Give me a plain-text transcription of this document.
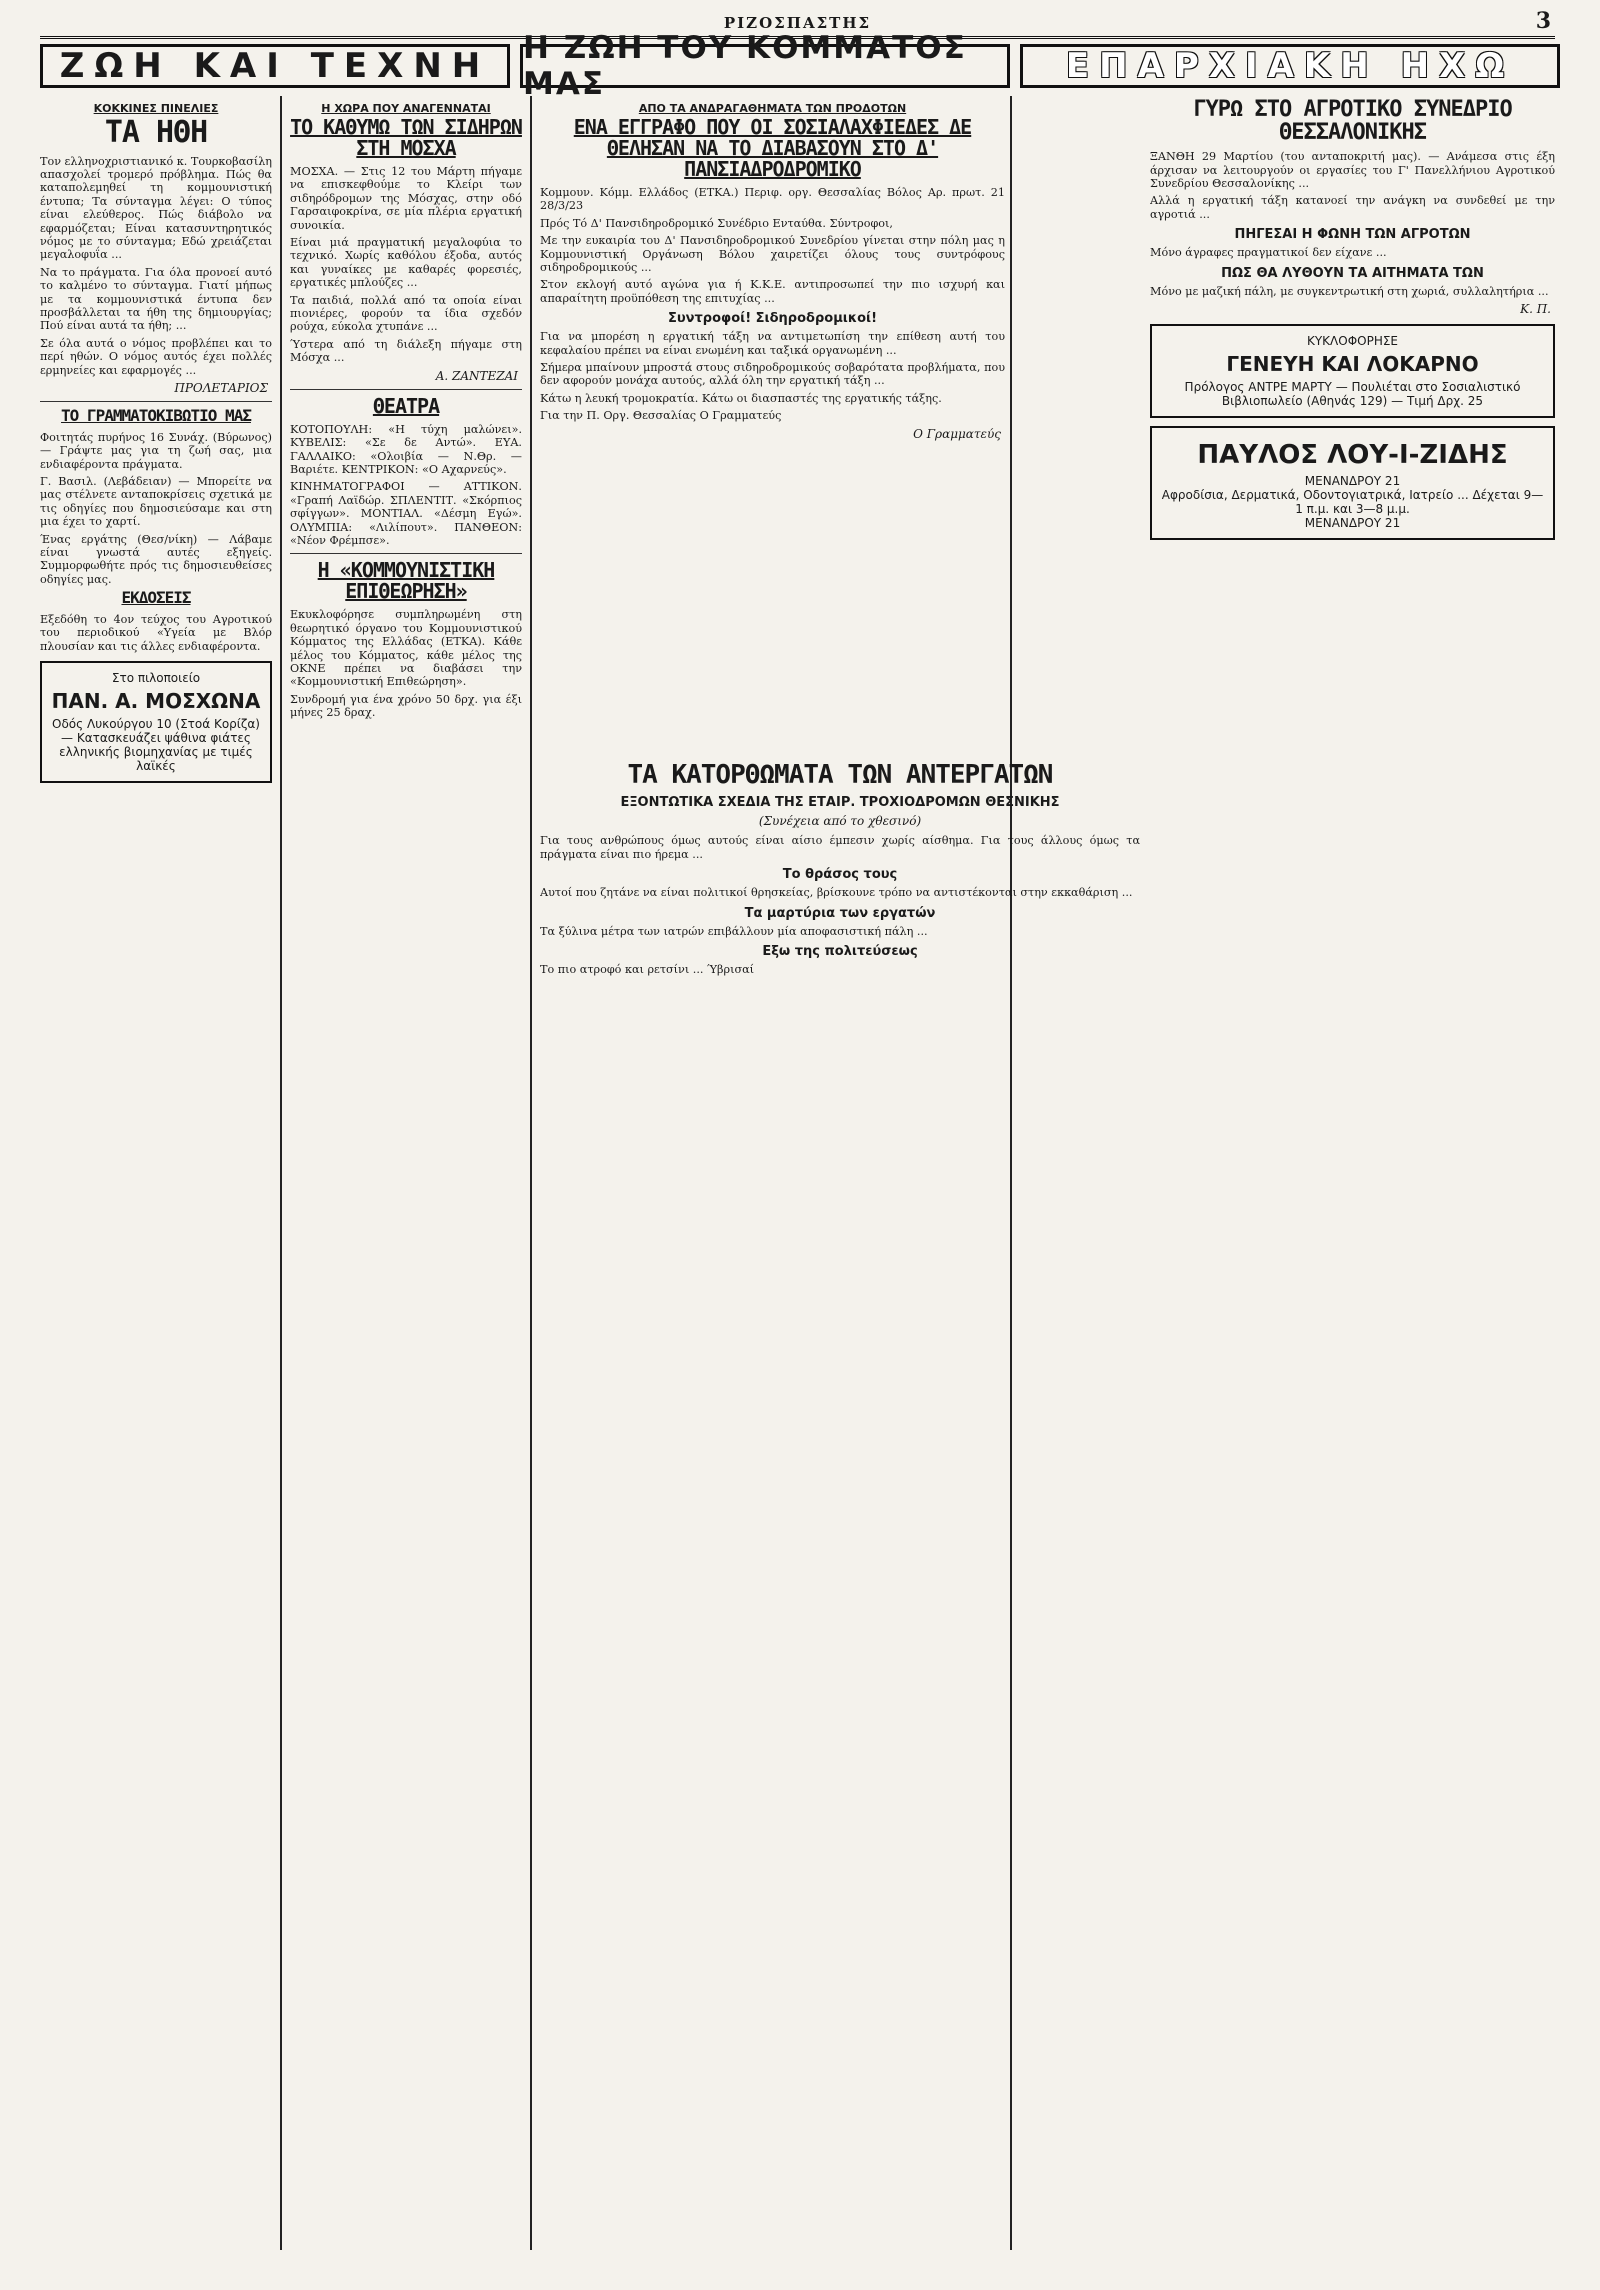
ΡΙΖΟΣΠΑΣΤΗΣ	3
ΖΩΗ ΚΑΙ ΤΕΧΝΗ	Η ΖΩΗ ΤΟΥ ΚΟΜΜΑΤΟΣ ΜΑΣ	ΕΠΑΡΧΙΑΚΗ ΗΧΩ
ΚΟΚΚΙΝΕΣ ΠΙΝΕΛΙΕΣ
ΤΑ ΗΘΗ

Τον ελληνοχριστιανικό κ. Τουρκοβασίλη απασχολεί τρομερό πρόβλημα. Πώς θα καταπολεμηθεί τη κομμουνιστική έντυπα; Τα σύνταγμα λέγει: Ο τύπος είναι ελεύθερος. Πώς διάβολο να εφαρμόζεται; Είναι κατασυντηρητικός νόμος με το σύνταγμα; Εδώ χρειάζεται μεγαλοφυΐα ...

Να το πράγματα. Για όλα προνοεί αυτό το καλμένο το σύνταγμα. Γιατί μήπως με τα κομμουνιστικά έντυπα δεν προσβάλλεται τα ήθη της δημιουργίας; Πού είναι αυτά τα ήθη; ...

Σε όλα αυτά ο νόμος προβλέπει και το περί ηθών. Ο νόμος αυτός έχει πολλές ερμηνείες και εφαρμογές ...

ΠΡΟΛΕΤΑΡΙΟΣ
ΤΟ ΓΡΑΜΜΑΤΟΚΙΒΩΤΙΟ ΜΑΣ

Φοιτητάς πυρήνος 16 Συνάχ. (Βύρωνος) — Γράψτε μας για τη ζωή σας, μια ενδιαφέροντα πράγματα.

Γ. Βασιλ. (Λεβάδειαν) — Μπορείτε να μας στέλνετε ανταποκρίσεις σχετικά με τις οδηγίες που δημοσιεύσαμε και στη μια έχει το χαρτί.

Ένας εργάτης (Θεσ/νίκη) — Λάβαμε είναι γνωστά αυτές εξηγείς. Συμμορφωθήτε πρός τις δημοσιευθείσες οδηγίες μας.

ΕΚΔΟΣΕΙΣ

Εξεδόθη το 4ον τεύχος του Αγροτικού του περιοδικού «Υγεία με Βλόρ πλουσίαν και τις άλλες ενδιαφέροντα.

Στο πιλοποιείο
ΠΑΝ. Α. ΜΟΣΧΩΝΑ
Οδός Λυκούργου 10 (Στοά Κορίζα) — Κατασκευάζει ψάθινα φιάτες ελληνικής βιομηχανίας με τιμές λαϊκές
Η ΧΩΡΑ ΠΟΥ ΑΝΑΓΕΝΝΑΤΑΙ
ΤΟ ΚΑΘΥΜΩ ΤΩΝ ΣΙΔΗΡΩΝ ΣΤΗ ΜΟΣΧΑ

ΜΟΣΧΑ. — Στις 12 του Μάρτη πήγαμε να επισκεφθούμε το Κλείρι των σιδηρόδρομων της Μόσχας, στην οδό Γαρσαιφοκρίνα, σε μία πλέρια εργατική συνοικία.

Είναι μιά πραγματική μεγαλοφύια το τεχνικό. Χωρίς καθόλου έξοδα, αυτός και γυναίκες με καθαρές φορεσιές, εργατικές μπλούζες ...

Τα παιδιά, πολλά από τα οποία είναι πιονιέρες, φορούν τα ίδια σχεδόν ρούχα, εύκολα χτυπάνε ...

Ύστερα από τη διάλεξη πήγαμε στη Μόσχα ...

Α. ΖΑΝΤΕΖΑΙ
ΘΕΑΤΡΑ

ΚΟΤΟΠΟΥΛΗ: «Η τύχη μαλώνει». ΚΥΒΕΛΙΣ: «Σε δε Αντώ». ΕΥΑ. ΓΑΛΛΑΙΚΟ: «Ολοιβία — Ν.Θρ. — Βαριέτε. ΚΕΝΤΡΙΚΟΝ: «Ο Αχαρνεύς».

ΚΙΝΗΜΑΤΟΓΡΑΦΟΙ — ΑΤΤΙΚΟΝ. «Γραπή Λαϊδώρ. ΣΠΛΕΝΤΙΤ. «Σκόρπιος σφίγγων». ΜΟΝΤΙΑΛ. «Δέσμη Εγώ». ΟΛΥΜΠΙΑ: «Λιλίπουτ». ΠΑΝΘΕΟΝ: «Νέον Φρέμπσε».

Η «ΚΟΜΜΟΥΝΙΣΤΙΚΗ ΕΠΙΘΕΩΡΗΣΗ»

Εκυκλοφόρησε συμπληρωμένη στη θεωρητικό όργανο του Κομμουνιστικού Κόμματος της Ελλάδας (ΕΤΚΑ). Κάθε μέλος του Κόμματος, κάθε μέλος της ΟΚΝΕ πρέπει να διαβάσει την «Κομμουνιστική Επιθεώρηση».

Συνδρομή για ένα χρόνο 50 δρχ. για έξι μήνες 25 δραχ.

ΑΠΟ ΤΑ ΑΝΔΡΑΓΑΘΗΜΑΤΑ ΤΩΝ ΠΡΟΔΟΤΩΝ
ΕΝΑ ΕΓΓΡΑΦΟ ΠΟΥ ΟΙ ΣΟΣΙΑΛΑΧΦΙΕΔΕΣ ΔΕ ΘΕΛΗΣΑΝ ΝΑ ΤΟ ΔΙΑΒΑΣΟΥΝ ΣΤΟ Δ' ΠΑΝΣΙΑΔΡΟΔΡΟΜΙΚΟ

Κομμουν. Κόμμ. Ελλάδος (ΕΤΚΑ.) Περιφ. οργ. Θεσσαλίας Βόλος Αρ. πρωτ. 21 28/3/23

Πρός Τό Δ' Πανσιδηροδρομικό Συνέδριο Ενταύθα. Σύντροφοι,

Με την ευκαιρία του Δ' Πανσιδηροδρομικού Συνεδρίου γίνεται στην πόλη μας η Κομμουνιστική Οργάνωση Βόλου χαιρετίζει όλους τους συντρόφους σιδηροδρομικούς ...

Στον εκλογή αυτό αγώνα για ή Κ.Κ.Ε. αντιπροσωπεί την πιο ισχυρή και απαραίτητη προϋπόθεση της επιτυχίας ...

Συντροφοί! Σιδηροδρομικοί!

Για να μπορέση η εργατική τάξη να αντιμετωπίση την επίθεση αυτή του κεφαλαίου πρέπει να είναι ενωμένη και ταξικά οργανωμένη ...

Σήμερα μπαίνουν μπροστά στους σιδηροδρομικούς σοβαρότατα προβλήματα, που δεν αφορούν μονάχα αυτούς, αλλά όλη την εργατική τάξη ...

Κάτω η λευκή τρομοκρατία. Κάτω οι διασπαστές της εργατικής τάξης.

Για την Π. Οργ. Θεσσαλίας Ο Γραμματεύς

Ο Γραμματεύς
ΤΑ ΚΑΤΟΡΘΩΜΑΤΑ ΤΩΝ ΑΝΤΕΡΓΑΤΩΝ
ΕΞΟΝΤΩΤΙΚΑ ΣΧΕΔΙΑ ΤΗΣ ΕΤΑΙΡ. ΤΡΟΧΙΟΔΡΟΜΩΝ ΘΕΣΝΙΚΗΣ
(Συνέχεια από το χθεσινό)

Για τους ανθρώπους όμως αυτούς είναι αίσιο έμπεσιν χωρίς αίσθημα. Για τους άλλους όμως τα πράγματα είναι πιο ήρεμα ...

Το θράσος τους

Αυτοί που ζητάνε να είναι πολιτικοί θρησκείας, βρίσκουνε τρόπο να αντιστέκονται στην εκκαθάριση ...

Τα μαρτύρια των εργατών

Τα ξύλινα μέτρα των ιατρών επιβάλλουν μία αποφασιστική πάλη ...

Εξω της πολιτεύσεως

Το πιο ατροφό και ρετσίνι ... Ύβρισαί

ΓΥΡΩ ΣΤΟ ΑΓΡΟΤΙΚΟ ΣΥΝΕΔΡΙΟ ΘΕΣΣΑΛΟΝΙΚΗΣ

ΞΑΝΘΗ 29 Μαρτίου (του ανταποκριτή μας). — Ανάμεσα στις έξη άρχισαν να λειτουργούν οι εργασίες του Γ' Πανελλήνιου Αγροτικού Συνεδρίου Θεσσαλονίκης ...

Αλλά η εργατική τάξη κατανοεί την ανάγκη να συνδεθεί με την αγροτιά ...

ΠΗΓΕΣΑΙ Η ΦΩΝΗ ΤΩΝ ΑΓΡΟΤΩΝ

Μόνο άγραφες πραγματικοί δεν είχανε ...

ΠΩΣ ΘΑ ΛΥΘΟΥΝ ΤΑ ΑΙΤΗΜΑΤΑ ΤΩΝ

Μόνο με μαζική πάλη, με συγκεντρωτική στη χωριά, συλλαλητήρια ...

Κ. Π.
ΚΥΚΛΟΦΟΡΗΣΕ
ΓΕΝΕΥΗ ΚΑΙ ΛΟΚΑΡΝΟ
Πρόλογος ΑΝΤΡΕ ΜΑΡΤΥ — Πουλιέται στο Σοσιαλιστικό Βιβλιοπωλείο (Αθηνάς 129) — Τιμή Δρχ. 25
ΠΑΥΛΟΣ ΛΟΥ-Ι-ΖΙΔΗΣ
ΜΕΝΑΝΔΡΟΥ 21
Αφροδίσια, Δερματικά, Οδοντογιατρικά, Ιατρείο ... Δέχεται 9—1 π.μ. και 3—8 μ.μ.
ΜΕΝΑΝΔΡΟΥ 21
